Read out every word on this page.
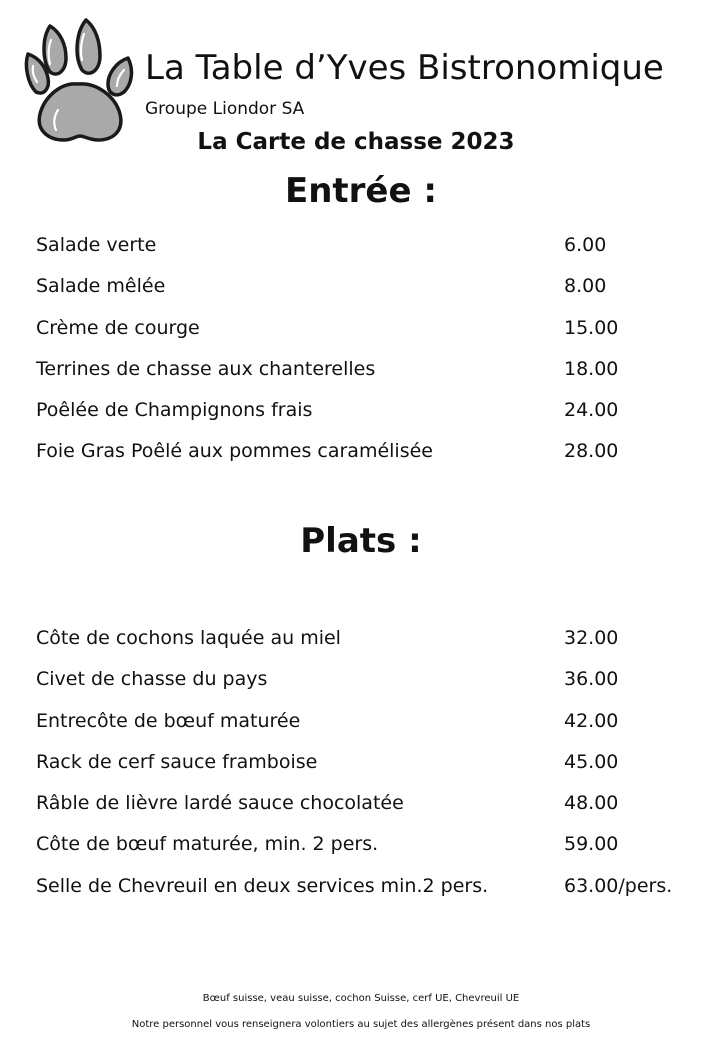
La Table d’Yves Bistronomique
Groupe Liondor SA
La Carte de chasse 2023
Entrée :
Salade verte	6.00
Salade mêlée	8.00
Crème de courge	15.00
Terrines de chasse aux chanterelles	18.00
Poêlée de Champignons frais	24.00
Foie Gras Poêlé aux pommes caramélisée	28.00
Plats :
Côte de cochons laquée au miel	32.00
Civet de chasse du pays	36.00
Entrecôte de bœuf maturée	42.00
Rack de cerf sauce framboise	45.00
Râble de lièvre lardé sauce chocolatée	48.00
Côte de bœuf maturée, min. 2 pers.	59.00
Selle de Chevreuil en deux services min.2 pers.	63.00/pers.
Bœuf suisse, veau suisse, cochon Suisse, cerf UE, Chevreuil UE
Notre personnel vous renseignera volontiers au sujet des allergènes présent dans nos plats
